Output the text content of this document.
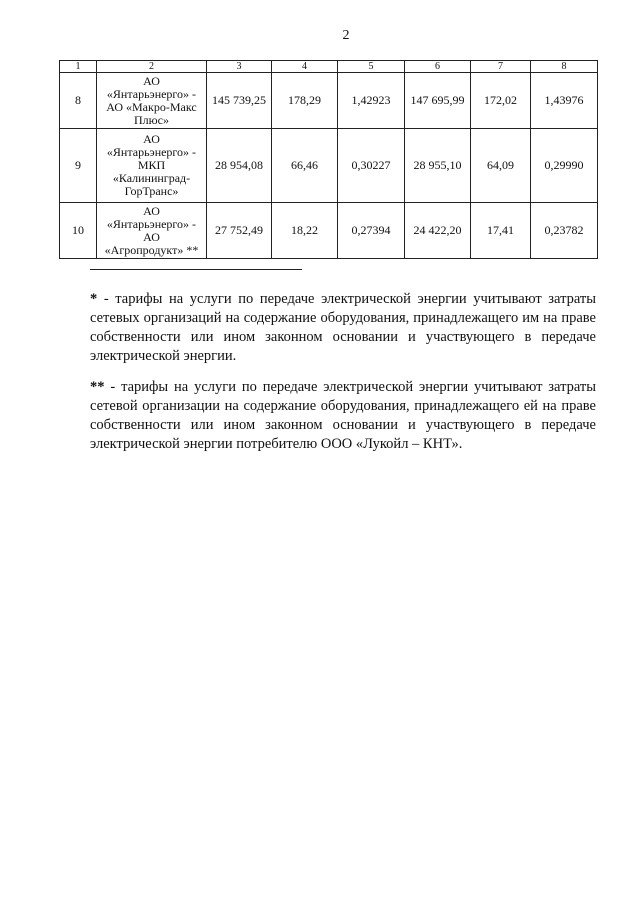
2
1	2	3	4	5	6	7	8
8	АО
«Янтарьэнерго» -
АО «Макро-Макс
Плюс»	145 739,25	178,29	1,42923	147 695,99	172,02	1,43976
9	АО
«Янтарьэнерго» -
МКП
«Калининград-
ГорТранс»	28 954,08	66,46	0,30227	28 955,10	64,09	0,29990
10	АО
«Янтарьэнерго» -
АО
«Агропродукт» **	27 752,49	18,22	0,27394	24 422,20	17,41	0,23782

* - тарифы на услуги по передаче электрической энергии учитывают затраты сетевых организаций на содержание оборудования, принадлежащего им на праве собственности или ином законном основании и участвующего в передаче электрической энергии.

** - тарифы на услуги по передаче электрической энергии учитывают затраты сетевой организации на содержание оборудования, принадлежащего ей на праве собственности или ином законном основании и участвующего в передаче электрической энергии потребителю ООО «Лукойл – КНТ».
